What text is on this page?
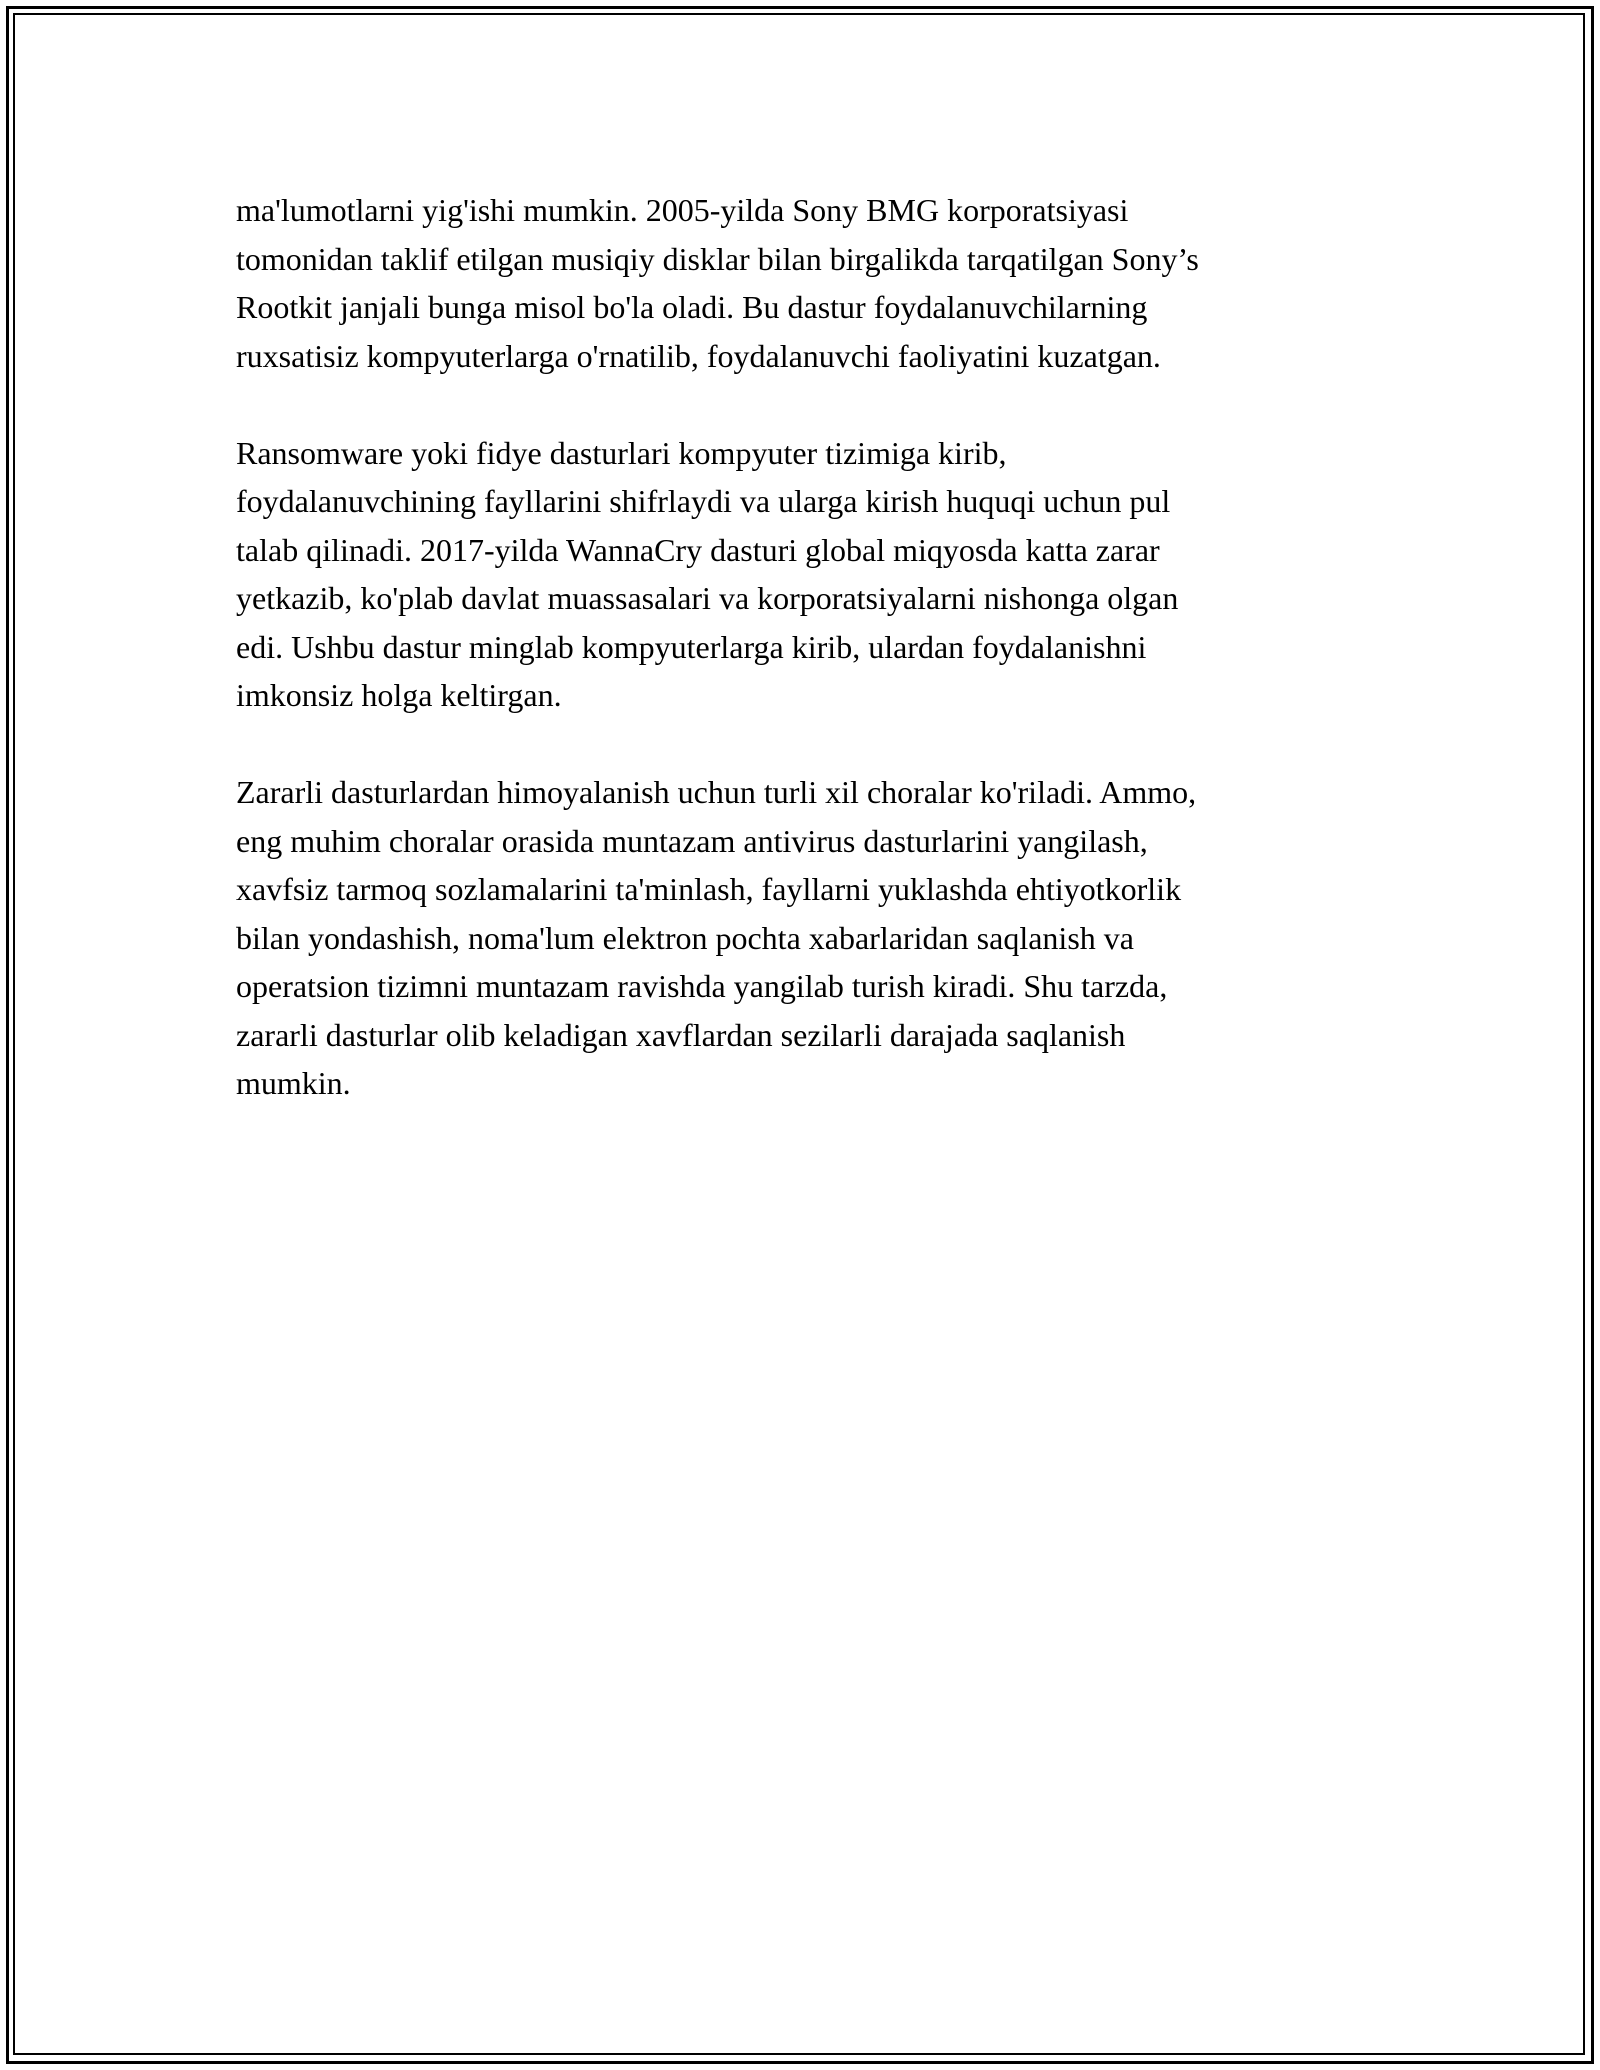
ma'lumotlarni yig'ishi mumkin. 2005-yilda Sony BMG korporatsiyasi
tomonidan taklif etilgan musiqiy disklar bilan birgalikda tarqatilgan Sony’s
Rootkit janjali bunga misol bo'la oladi. Bu dastur foydalanuvchilarning
ruxsatisiz kompyuterlarga o'rnatilib, foydalanuvchi faoliyatini kuzatgan.

Ransomware yoki fidye dasturlari kompyuter tizimiga kirib,
foydalanuvchining fayllarini shifrlaydi va ularga kirish huquqi uchun pul
talab qilinadi. 2017-yilda WannaCry dasturi global miqyosda katta zarar
yetkazib, ko'plab davlat muassasalari va korporatsiyalarni nishonga olgan
edi. Ushbu dastur minglab kompyuterlarga kirib, ulardan foydalanishni
imkonsiz holga keltirgan.

Zararli dasturlardan himoyalanish uchun turli xil choralar ko'riladi. Ammo,
eng muhim choralar orasida muntazam antivirus dasturlarini yangilash,
xavfsiz tarmoq sozlamalarini ta'minlash, fayllarni yuklashda ehtiyotkorlik
bilan yondashish, noma'lum elektron pochta xabarlaridan saqlanish va
operatsion tizimni muntazam ravishda yangilab turish kiradi. Shu tarzda,
zararli dasturlar olib keladigan xavflardan sezilarli darajada saqlanish
mumkin.
